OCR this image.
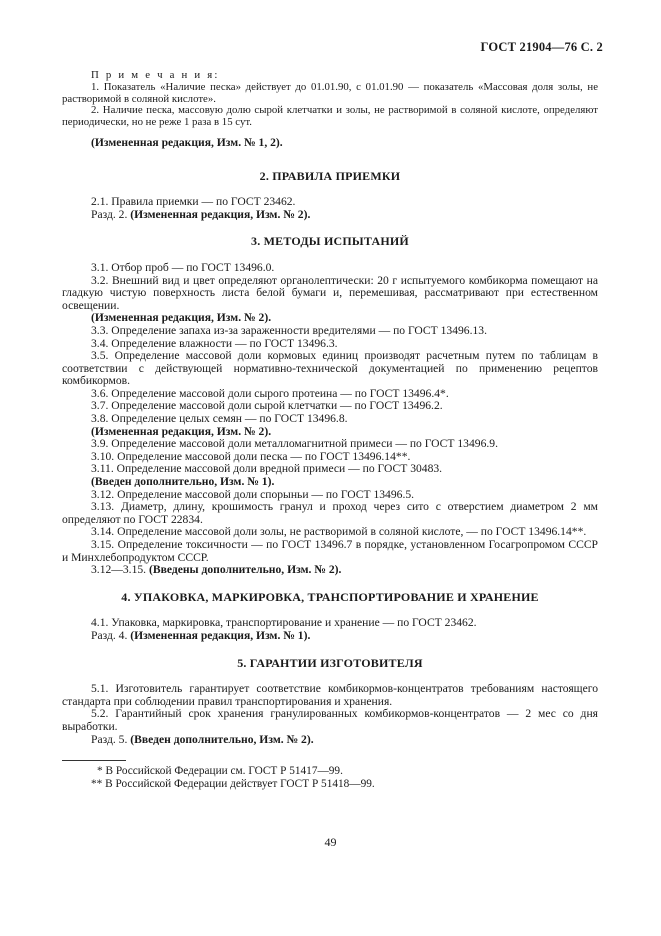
ГОСТ 21904—76 С. 2

П р и м е ч а н и я:

1. Показатель «Наличие песка» действует до 01.01.90, с 01.01.90 — показатель «Массовая доля золы, не растворимой в соляной кислоте».

2. Наличие песка, массовую долю сырой клетчатки и золы, не растворимой в соляной кислоте, определяют периодически, но не реже 1 раза в 15 сут.

(Измененная редакция, Изм. № 1, 2).

2. ПРАВИЛА ПРИЕМКИ

2.1. Правила приемки — по ГОСТ 23462.

Разд. 2. (Измененная редакция, Изм. № 2).

3. МЕТОДЫ ИСПЫТАНИЙ

3.1. Отбор проб — по ГОСТ 13496.0.

3.2. Внешний вид и цвет определяют органолептически: 20 г испытуемого комбикорма помещают на гладкую чистую поверхность листа белой бумаги и, перемешивая, рассматривают при естественном освещении.

(Измененная редакция, Изм. № 2).

3.3. Определение запаха из-за зараженности вредителями — по ГОСТ 13496.13.

3.4. Определение влажности — по ГОСТ 13496.3.

3.5. Определение массовой доли кормовых единиц производят расчетным путем по таблицам в соответствии с действующей нормативно-технической документацией по применению рецептов комбикормов.

3.6. Определение массовой доли сырого протеина — по ГОСТ 13496.4*.

3.7. Определение массовой доли сырой клетчатки — по ГОСТ 13496.2.

3.8. Определение целых семян — по ГОСТ 13496.8.

(Измененная редакция, Изм. № 2).

3.9. Определение массовой доли металломагнитной примеси — по ГОСТ 13496.9.

3.10. Определение массовой доли песка — по ГОСТ 13496.14**.

3.11. Определение массовой доли вредной примеси — по ГОСТ 30483.

(Введен дополнительно, Изм. № 1).

3.12. Определение массовой доли спорыньи — по ГОСТ 13496.5.

3.13. Диаметр, длину, крошимость гранул и проход через сито с отверстием диаметром 2 мм определяют по ГОСТ 22834.

3.14. Определение массовой доли золы, не растворимой в соляной кислоте, — по ГОСТ 13496.14**.

3.15. Определение токсичности — по ГОСТ 13496.7 в порядке, установленном Госагропромом СССР и Минхлебопродуктом СССР.

3.12—3.15. (Введены дополнительно, Изм. № 2).

4. УПАКОВКА, МАРКИРОВКА, ТРАНСПОРТИРОВАНИЕ И ХРАНЕНИЕ

4.1. Упаковка, маркировка, транспортирование и хранение — по ГОСТ 23462.

Разд. 4. (Измененная редакция, Изм. № 1).

5. ГАРАНТИИ ИЗГОТОВИТЕЛЯ

5.1. Изготовитель гарантирует соответствие комбикормов-концентратов требованиям настоящего стандарта при соблюдении правил транспортирования и хранения.

5.2. Гарантийный срок хранения гранулированных комбикормов-концентратов — 2 мес со дня выработки.

Разд. 5. (Введен дополнительно, Изм. № 2).

* В Российской Федерации см. ГОСТ Р 51417—99.

** В Российской Федерации действует ГОСТ Р 51418—99.

49
